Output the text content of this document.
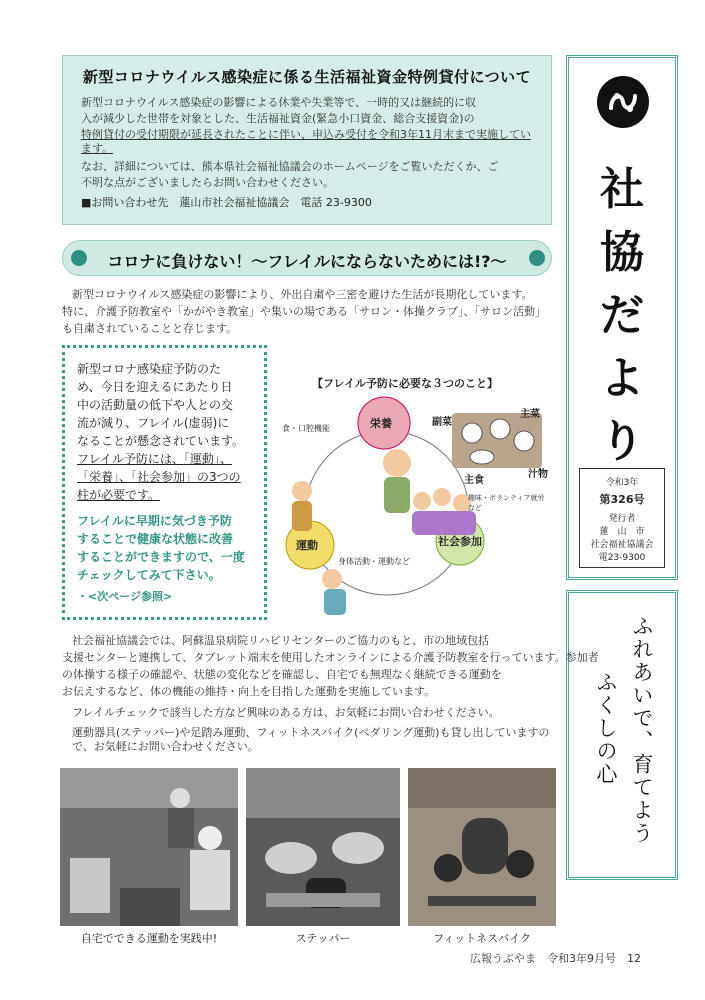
新型コロナウイルス感染症に係る生活福祉資金特例貸付について
新型コロナウイルス感染症の影響による休業や失業等で、一時的又は継続的に収
入が減少した世帯を対象とした、生活福祉資金(緊急小口資金、総合支援資金)の
特例貸付の受付期限が延長されたことに伴い、申込み受付を令和3年11月末まで実施しています。
なお、詳細については、熊本県社会福祉協議会のホームページをご覧いただくか、ご
不明な点がございましたらお問い合わせください。
■お問い合わせ先　蓮山市社会福祉協議会　電話 23-9300	社
協
だ
よ
り
令和3年
第326号
発行者
蓮　山　市
社会福祉協議会
電23-9300
ふれあいで、育てよう
ふくしの心
コロナに負けない！～フレイルにならないためには!?～
新型コロナウイルス感染症の影響により、外出自粛や三密を避けた生活が長期化しています。
特に、介護予防教室や「かがやき教室」や集いの場である「サロン・体操クラブ」、「サロン活動」
も自粛されていることと存じます。
新型コロナ感染症予防のた
め、今日を迎えるにあたり日
中の活動量の低下や人との交
流が減り、フレイル(虚弱)に
なることが懸念されています。
フレイル予防には、「運動」、
「栄養」、「社会参加」の3つの
柱が必要です。
フレイルに早期に気づき予防
することで健康な状態に改善
することができますので、一度
チェックしてみて下さい。
・<次ページ参照>
【フレイル予防に必要な３つのこと】
栄養
食・口腔機能
運動
身体活動・運動など
社会参加
趣味・ボランティア就労など
主菜
副菜
主食
汁物
社会福祉協議会では、阿蘇温泉病院リハビリセンターのご協力のもと、市の地域包括
支援センターと連携して、タブレット端末を使用したオンラインによる介護予防教室を行っています。参加者
の体操する様子の確認や、状態の変化などを確認し、自宅でも無理なく継続できる運動を
お伝えするなど、体の機能の維持・向上を目指した運動を実施しています。
フレイルチェックで該当した方など興味のある方は、お気軽にお問い合わせください。
運動器具(ステッパー)や足踏み運動、フィットネスバイク(ペダリング運動)も貸し出していますので、お気軽にお問い合わせください。
自宅でできる運動を実践中!	ステッパー	フィットネスバイク
広報うぶやま　令和3年9月号　12
